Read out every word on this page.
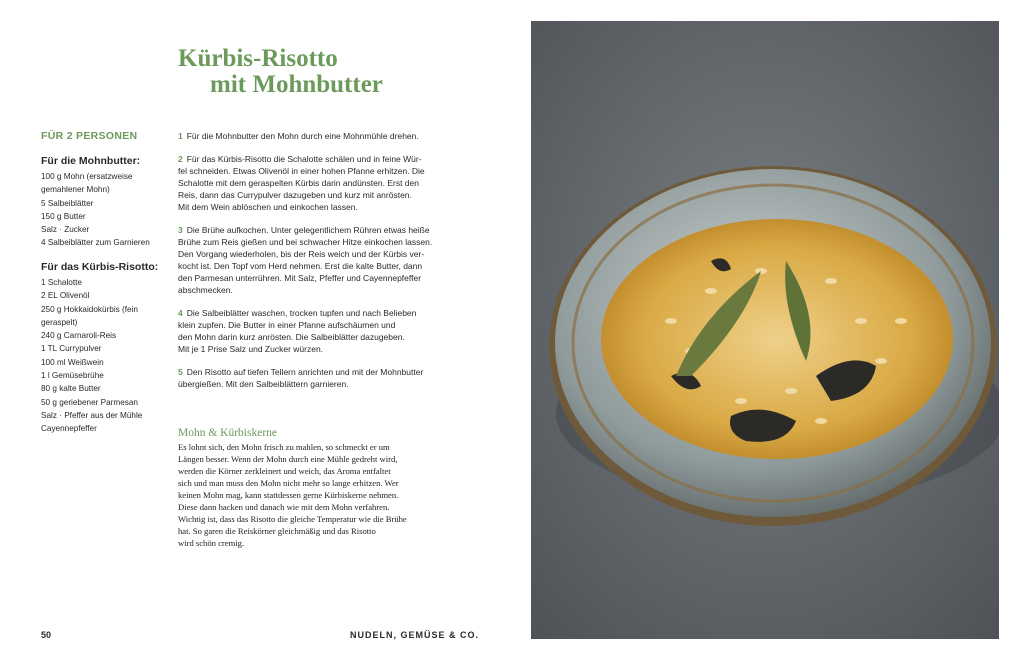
Kürbis-Risotto
mit Mohnbutter
FÜR 2 PERSONEN
Für die Mohnbutter:
100 g Mohn (ersatzweise
gemahlener Mohn)
5 Salbeiblätter
150 g Butter
Salz · Zucker
4 Salbeiblätter zum Garnieren
Für das Kürbis-Risotto:
1 Schalotte
2 EL Olivenöl
250 g Hokkaidokürbis (fein
geraspelt)
240 g Carnaroli-Reis
1 TL Currypulver
100 ml Weißwein
1 l Gemüsebrühe
80 g kalte Butter
50 g geriebener Parmesan
Salz · Pfeffer aus der Mühle
Cayennepfeffer
1 Für die Mohnbutter den Mohn durch eine Mohnmühle drehen.
2 Für das Kürbis-Risotto die Schalotte schälen und in feine Wür-
fel schneiden. Etwas Olivenöl in einer hohen Pfanne erhitzen. Die
Schalotte mit dem geraspelten Kürbis darin andünsten. Erst den
Reis, dann das Currypulver dazugeben und kurz mit anrösten.
Mit dem Wein ablöschen und einkochen lassen.
3 Die Brühe aufkochen. Unter gelegentlichem Rühren etwas heiße
Brühe zum Reis gießen und bei schwacher Hitze einkochen lassen.
Den Vorgang wiederholen, bis der Reis weich und der Kürbis ver-
kocht ist. Den Topf vom Herd nehmen. Erst die kalte Butter, dann
den Parmesan unterrühren. Mit Salz, Pfeffer und Cayennepfeffer
abschmecken.
4 Die Salbeiblätter waschen, trocken tupfen und nach Belieben
klein zupfen. Die Butter in einer Pfanne aufschäumen und
den Mohn darin kurz anrösten. Die Salbeiblätter dazugeben.
Mit je 1 Prise Salz und Zucker würzen.
5 Den Risotto auf tiefen Tellern anrichten und mit der Mohnbutter
übergießen. Mit den Salbeiblättern garnieren.
Mohn & Kürbiskerne

Es lohnt sich, den Mohn frisch zu mahlen, so schmeckt er um
Längen besser. Wenn der Mohn durch eine Mühle gedreht wird,
werden die Körner zerkleinert und weich, das Aroma entfaltet
sich und man muss den Mohn nicht mehr so lange erhitzen. Wer
keinen Mohn mag, kann stattdessen gerne Kürbiskerne nehmen.
Diese dann hacken und danach wie mit dem Mohn verfahren.
Wichtig ist, dass das Risotto die gleiche Temperatur wie die Brühe
hat. So garen die Reiskörner gleichmäßig und das Risotto
wird schön cremig.

50	NUDELN, GEMÜSE & CO.
